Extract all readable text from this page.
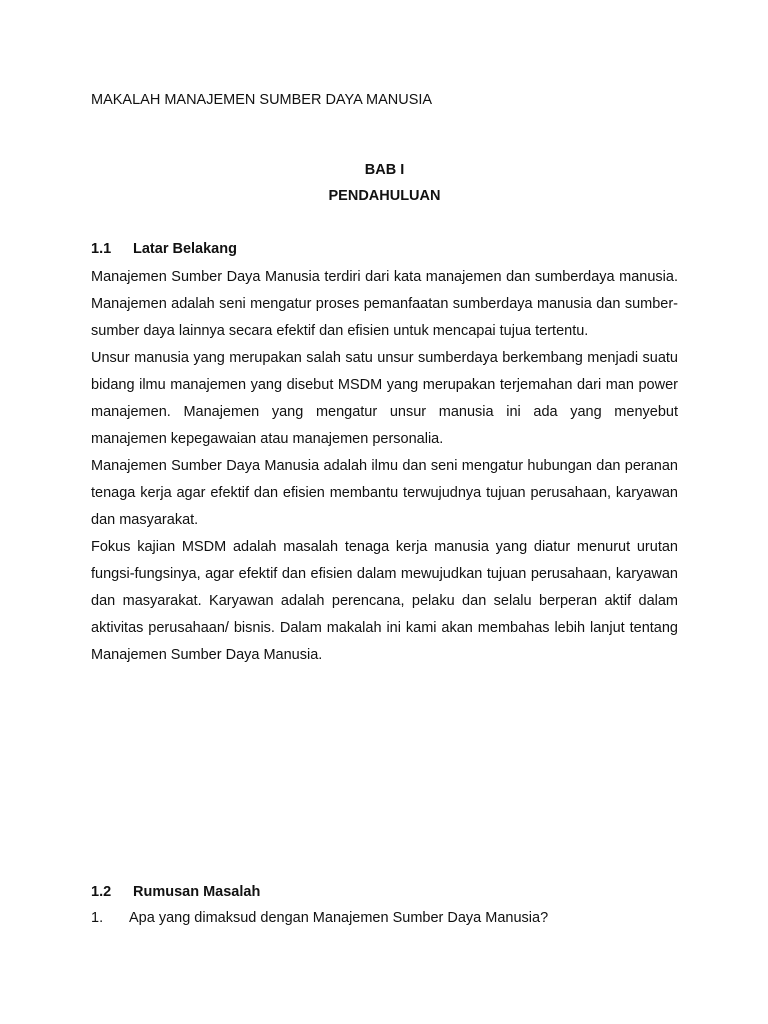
MAKALAH MANAJEMEN SUMBER DAYA MANUSIA
BAB I
PENDAHULUAN
1.1 Latar Belakang

Manajemen Sumber Daya Manusia terdiri dari kata manajemen dan sumberdaya manusia. Manajemen adalah seni mengatur proses pemanfaatan sumberdaya manusia dan sumber-sumber daya lainnya secara efektif dan efisien untuk mencapai tujua tertentu.

Unsur manusia yang merupakan salah satu unsur sumberdaya berkembang menjadi suatu bidang ilmu manajemen yang disebut MSDM yang merupakan terjemahan dari man power manajemen. Manajemen yang mengatur unsur manusia ini ada yang menyebut manajemen kepegawaian atau manajemen personalia.

Manajemen Sumber Daya Manusia adalah ilmu dan seni mengatur hubungan dan peranan tenaga kerja agar efektif dan efisien membantu terwujudnya tujuan perusahaan, karyawan dan masyarakat.

Fokus kajian MSDM adalah masalah tenaga kerja manusia yang diatur menurut urutan fungsi-fungsinya, agar efektif dan efisien dalam mewujudkan tujuan perusahaan, karyawan dan masyarakat. Karyawan adalah perencana, pelaku dan selalu berperan aktif dalam aktivitas perusahaan/ bisnis. Dalam makalah ini kami akan membahas lebih lanjut tentang Manajemen Sumber Daya Manusia.

1.2 Rumusan Masalah
1.	Apa yang dimaksud dengan Manajemen Sumber Daya Manusia?
